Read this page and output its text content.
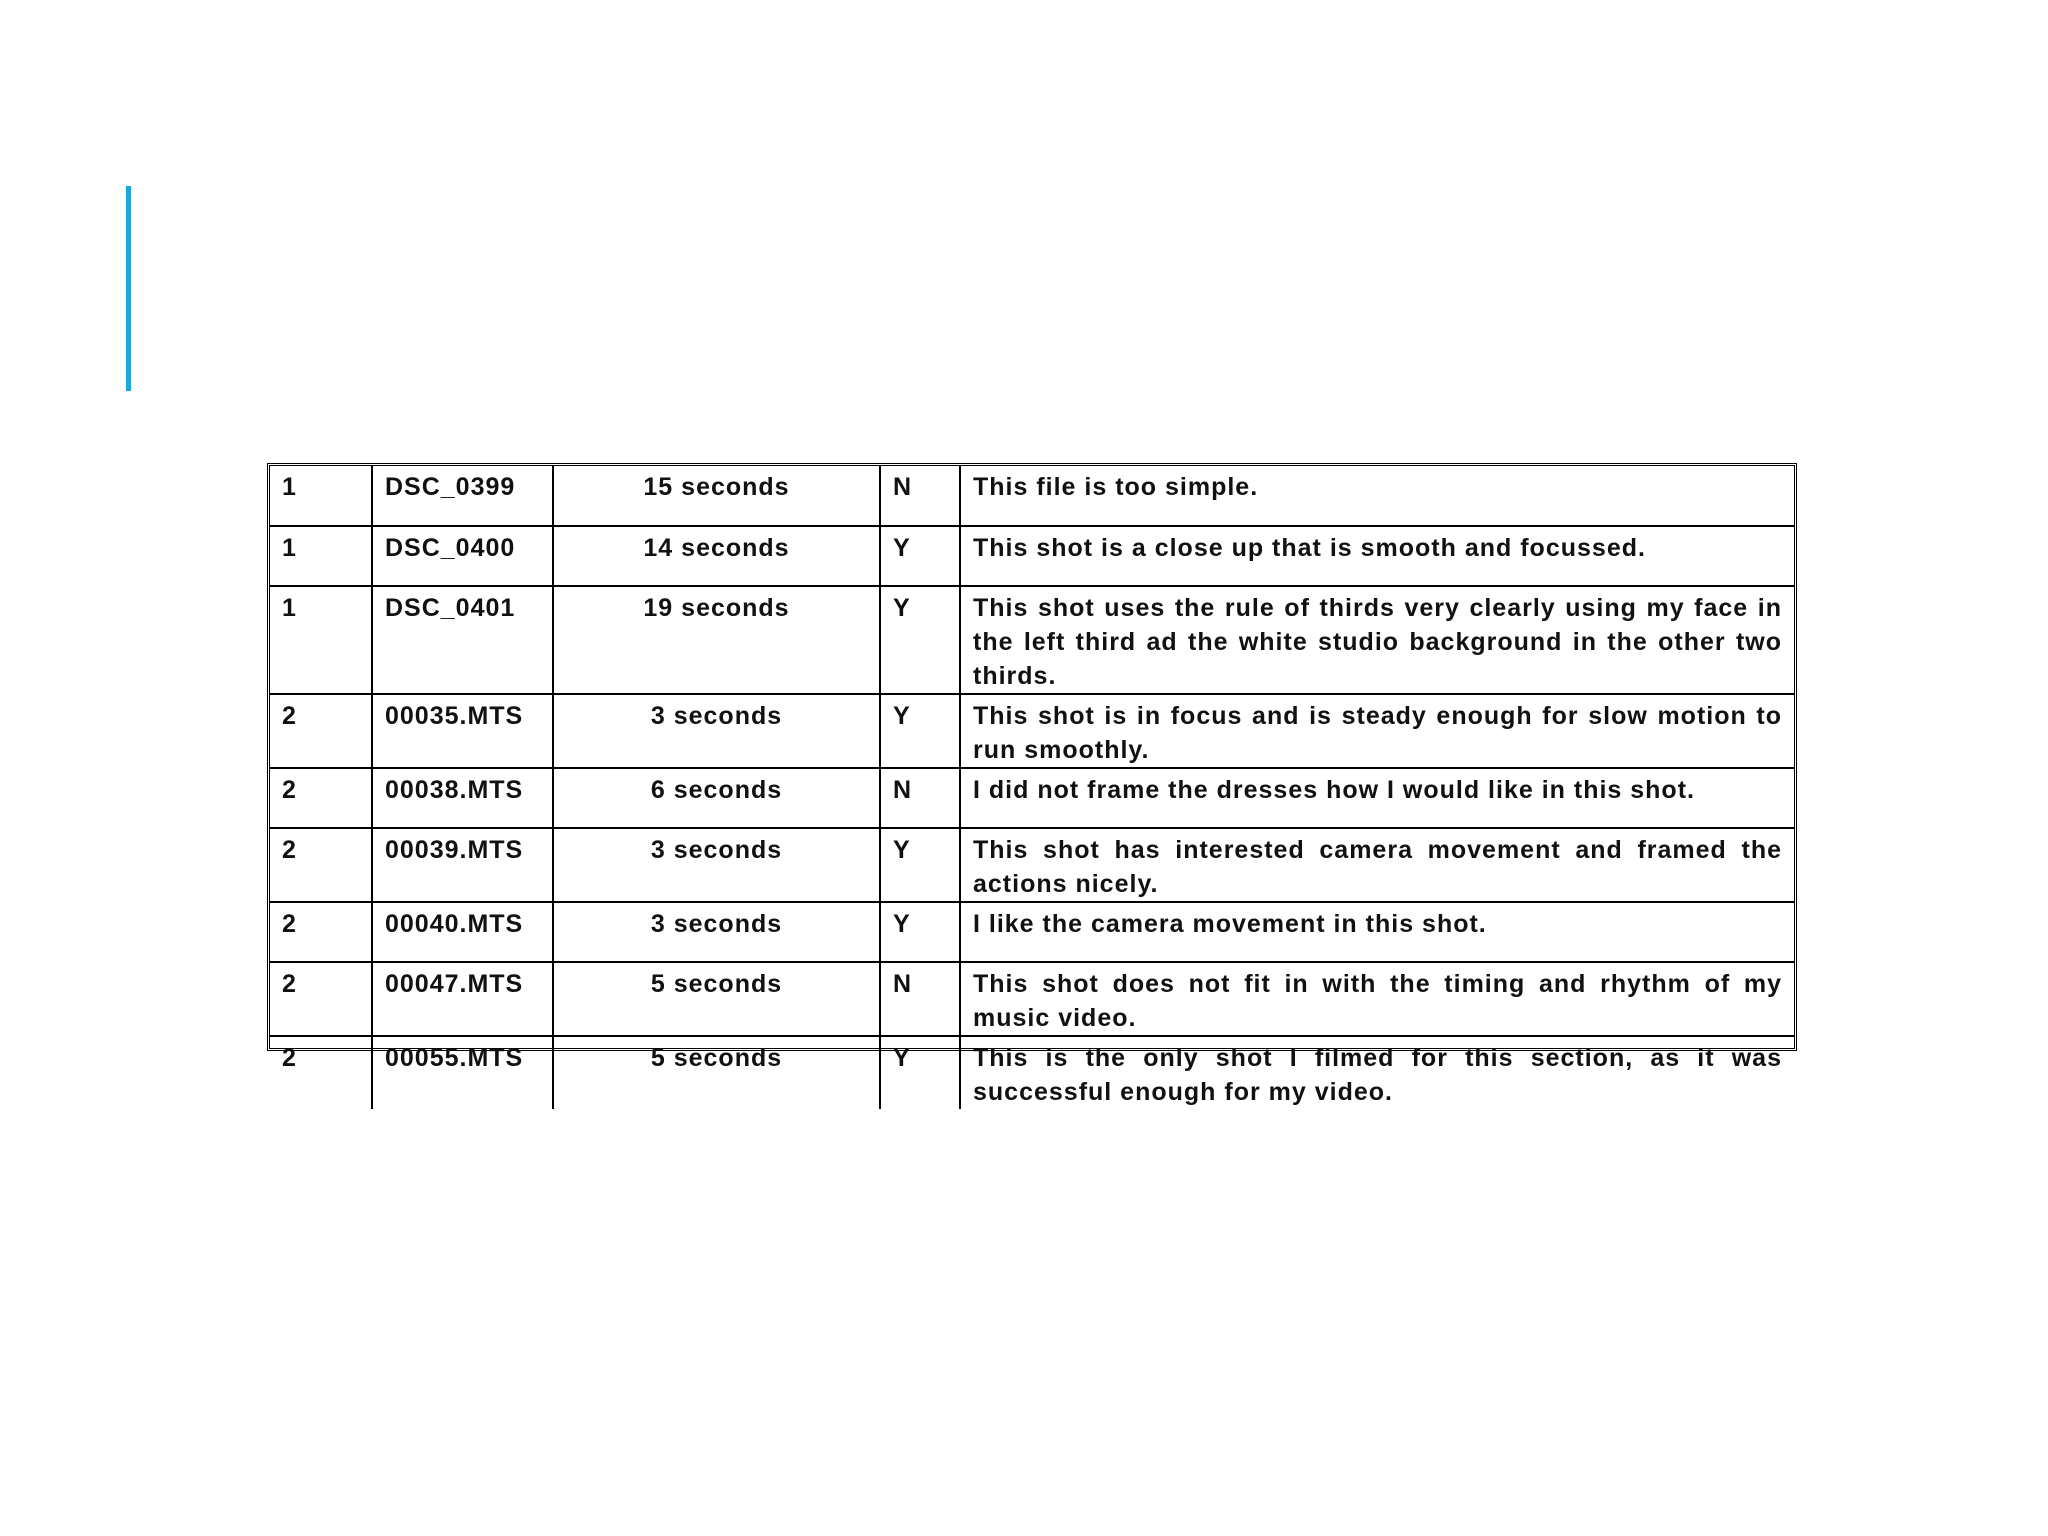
1	DSC_0399	15 seconds	N	This file is too simple.
1	DSC_0400	14 seconds	Y	This shot is a close up that is smooth and focussed.
1	DSC_0401	19 seconds	Y	This shot uses the rule of thirds very clearly using my face in the left third ad the white studio background in the other two thirds.
2	00035.MTS	3 seconds	Y	This shot is in focus and is steady enough for slow motion to run smoothly.
2	00038.MTS	6 seconds	N	I did not frame the dresses how I would like in this shot.
2	00039.MTS	3 seconds	Y	This shot has interested camera movement and framed the actions nicely.
2	00040.MTS	3 seconds	Y	I like the camera movement in this shot.
2	00047.MTS	5 seconds	N	This shot does not fit in with the timing and rhythm of my music video.
2	00055.MTS	5 seconds	Y	This is the only shot I filmed for this section, as it was successful enough for my video.
